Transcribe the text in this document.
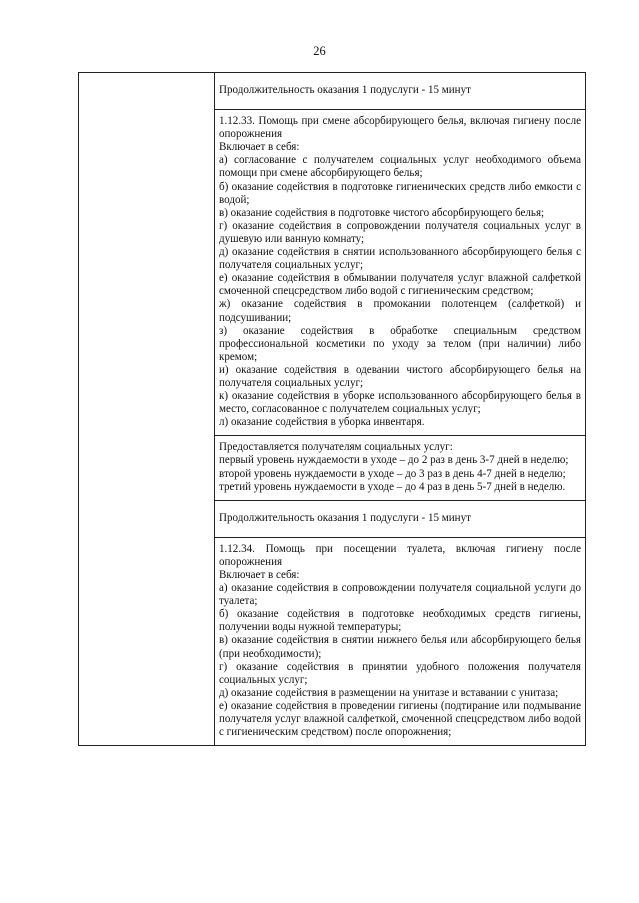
26

Продолжительность оказания 1 подуслуги - 15 минут

1.12.33. Помощь при смене абсорбирующего белья, включая гигиену после опорожнения

Включает в себя:

а) согласование с получателем социальных услуг необходимого объема помощи при смене абсорбирующего белья;

б) оказание содействия в подготовке гигиенических средств либо емкости с водой;

в) оказание содействия в подготовке чистого абсорбирующего белья;

г) оказание содействия в сопровождении получателя социальных услуг в душевую или ванную комнату;

д) оказание содействия в снятии использованного абсорбирующего белья с получателя социальных услуг;

е) оказание содействия в обмывании получателя услуг влажной салфеткой смоченной спецсредством либо водой с гигиеническим средством;

ж) оказание содействия в промокании полотенцем (салфеткой) и подсушивании;

з) оказание содействия в обработке специальным средством профессиональной косметики по уходу за телом (при наличии) либо кремом;

и) оказание содействия в одевании чистого абсорбирующего белья на получателя социальных услуг;

к) оказание содействия в уборке использованного абсорбирующего белья в место, согласованное с получателем социальных услуг;

л) оказание содействия в уборка инвентаря.

Предоставляется получателям социальных услуг:

первый уровень нуждаемости в уходе – до 2 раз в день 3-7 дней в неделю;

второй уровень нуждаемости в уходе – до 3 раз в день 4-7 дней в неделю;

третий уровень нуждаемости в уходе – до 4 раз в день 5-7 дней в неделю.

Продолжительность оказания 1 подуслуги - 15 минут

1.12.34. Помощь при посещении туалета, включая гигиену после опорожнения

Включает в себя:

а) оказание содействия в сопровождении получателя социальной услуги до туалета;

б) оказание содействия в подготовке необходимых средств гигиены, получении воды нужной температуры;

в) оказание содействия в снятии нижнего белья или абсорбирующего белья (при необходимости);

г) оказание содействия в принятии удобного положения получателя социальных услуг;

д) оказание содействия в размещении на унитазе и вставании с унитаза;

е) оказание содействия в проведении гигиены (подтирание или подмывание получателя услуг влажной салфеткой, смоченной спецсредством либо водой с гигиеническим средством) после опорожнения;
